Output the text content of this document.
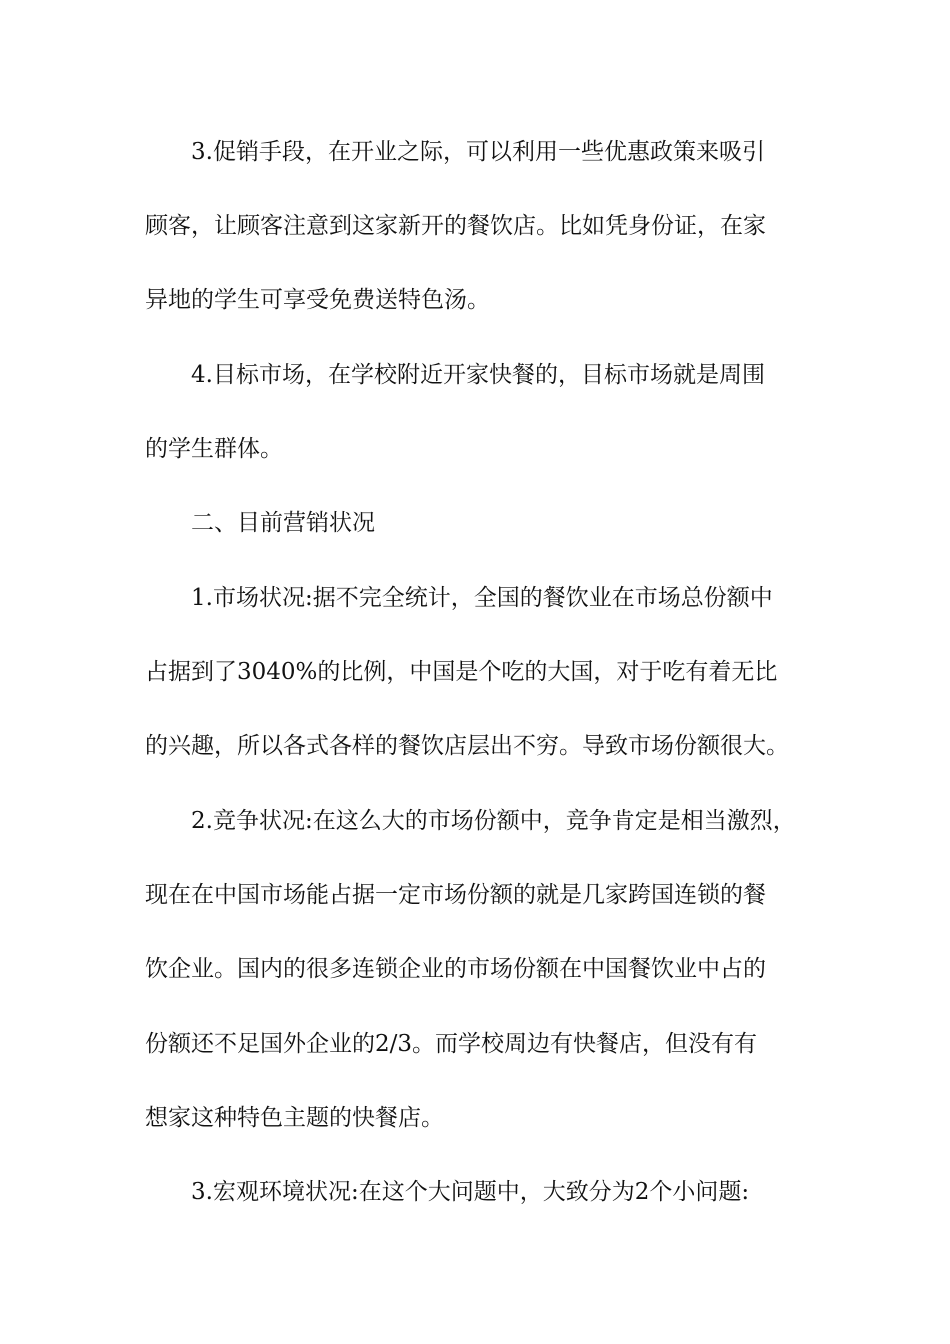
3.促销手段，在开业之际，可以利用一些优惠政策来吸引
顾客，让顾客注意到这家新开的餐饮店。比如凭身份证，在家
异地的学生可享受免费送特色汤。
4.目标市场，在学校附近开家快餐的，目标市场就是周围
的学生群体。
二、目前营销状况
1.市场状况:据不完全统计，全国的餐饮业在市场总份额中
占据到了3040%的比例，中国是个吃的大国，对于吃有着无比
的兴趣，所以各式各样的餐饮店层出不穷。导致市场份额很大。
2.竞争状况:在这么大的市场份额中，竞争肯定是相当激烈，
现在在中国市场能占据一定市场份额的就是几家跨国连锁的餐
饮企业。国内的很多连锁企业的市场份额在中国餐饮业中占的
份额还不足国外企业的2/3。而学校周边有快餐店，但没有有
想家这种特色主题的快餐店。
3.宏观环境状况:在这个大问题中，大致分为2个小问题:
